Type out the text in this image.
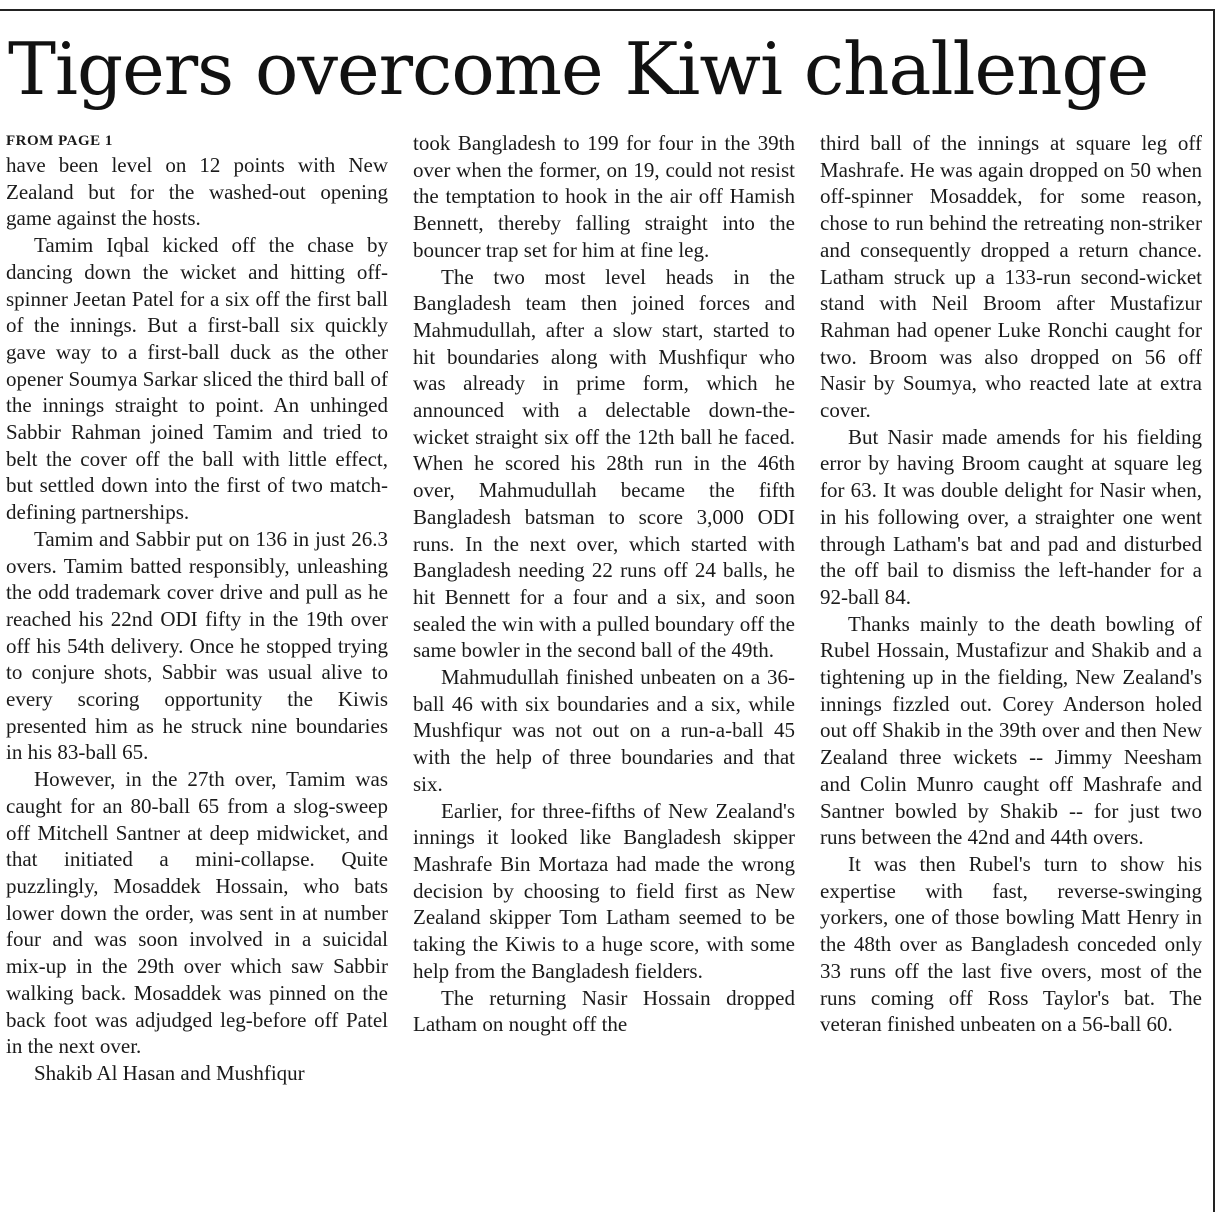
Tigers overcome Kiwi challenge
FROM PAGE 1

have been level on 12 points with New Zealand but for the washed-out opening game against the hosts.

Tamim Iqbal kicked off the chase by dancing down the wicket and hitting off-spinner Jeetan Patel for a six off the first ball of the innings. But a first-ball six quickly gave way to a first-ball duck as the other opener Soumya Sarkar sliced the third ball of the innings straight to point. An unhinged Sabbir Rahman joined Tamim and tried to belt the cover off the ball with little effect, but settled down into the first of two match-defining partnerships.

Tamim and Sabbir put on 136 in just 26.3 overs. Tamim batted responsibly, unleashing the odd trademark cover drive and pull as he reached his 22nd ODI fifty in the 19th over off his 54th delivery. Once he stopped trying to conjure shots, Sabbir was usual alive to every scoring opportunity the Kiwis presented him as he struck nine boundaries in his 83-ball 65.

However, in the 27th over, Tamim was caught for an 80-ball 65 from a slog-sweep off Mitchell Santner at deep midwicket, and that initiated a mini-collapse. Quite puzzlingly, Mosaddek Hossain, who bats lower down the order, was sent in at number four and was soon involved in a suicidal mix-up in the 29th over which saw Sabbir walking back. Mosaddek was pinned on the back foot was adjudged leg-before off Patel in the next over.

Shakib Al Hasan and Mushfiqur

took Bangladesh to 199 for four in the 39th over when the former, on 19, could not resist the temptation to hook in the air off Hamish Bennett, thereby falling straight into the bouncer trap set for him at fine leg.

The two most level heads in the Bangladesh team then joined forces and Mahmudullah, after a slow start, started to hit boundaries along with Mushfiqur who was already in prime form, which he announced with a delectable down-the-wicket straight six off the 12th ball he faced. When he scored his 28th run in the 46th over, Mahmudullah became the fifth Bangladesh batsman to score 3,000 ODI runs. In the next over, which started with Bangladesh needing 22 runs off 24 balls, he hit Bennett for a four and a six, and soon sealed the win with a pulled boundary off the same bowler in the second ball of the 49th.

Mahmudullah finished unbeaten on a 36-ball 46 with six boundaries and a six, while Mushfiqur was not out on a run-a-ball 45 with the help of three boundaries and that six.

Earlier, for three-fifths of New Zealand's innings it looked like Bangladesh skipper Mashrafe Bin Mortaza had made the wrong decision by choosing to field first as New Zealand skipper Tom Latham seemed to be taking the Kiwis to a huge score, with some help from the Bangladesh fielders.

The returning Nasir Hossain dropped Latham on nought off the

third ball of the innings at square leg off Mashrafe. He was again dropped on 50 when off-spinner Mosaddek, for some reason, chose to run behind the retreating non-striker and consequently dropped a return chance. Latham struck up a 133-run second-wicket stand with Neil Broom after Mustafizur Rahman had opener Luke Ronchi caught for two. Broom was also dropped on 56 off Nasir by Soumya, who reacted late at extra cover.

But Nasir made amends for his fielding error by having Broom caught at square leg for 63. It was double delight for Nasir when, in his following over, a straighter one went through Latham's bat and pad and disturbed the off bail to dismiss the left-hander for a 92-ball 84.

Thanks mainly to the death bowling of Rubel Hossain, Mustafizur and Shakib and a tightening up in the fielding, New Zealand's innings fizzled out. Corey Anderson holed out off Shakib in the 39th over and then New Zealand three wickets -- Jimmy Neesham and Colin Munro caught off Mashrafe and Santner bowled by Shakib -- for just two runs between the 42nd and 44th overs.

It was then Rubel's turn to show his expertise with fast, reverse-swinging yorkers, one of those bowling Matt Henry in the 48th over as Bangladesh conceded only 33 runs off the last five overs, most of the runs coming off Ross Taylor's bat. The veteran finished unbeaten on a 56-ball 60.
